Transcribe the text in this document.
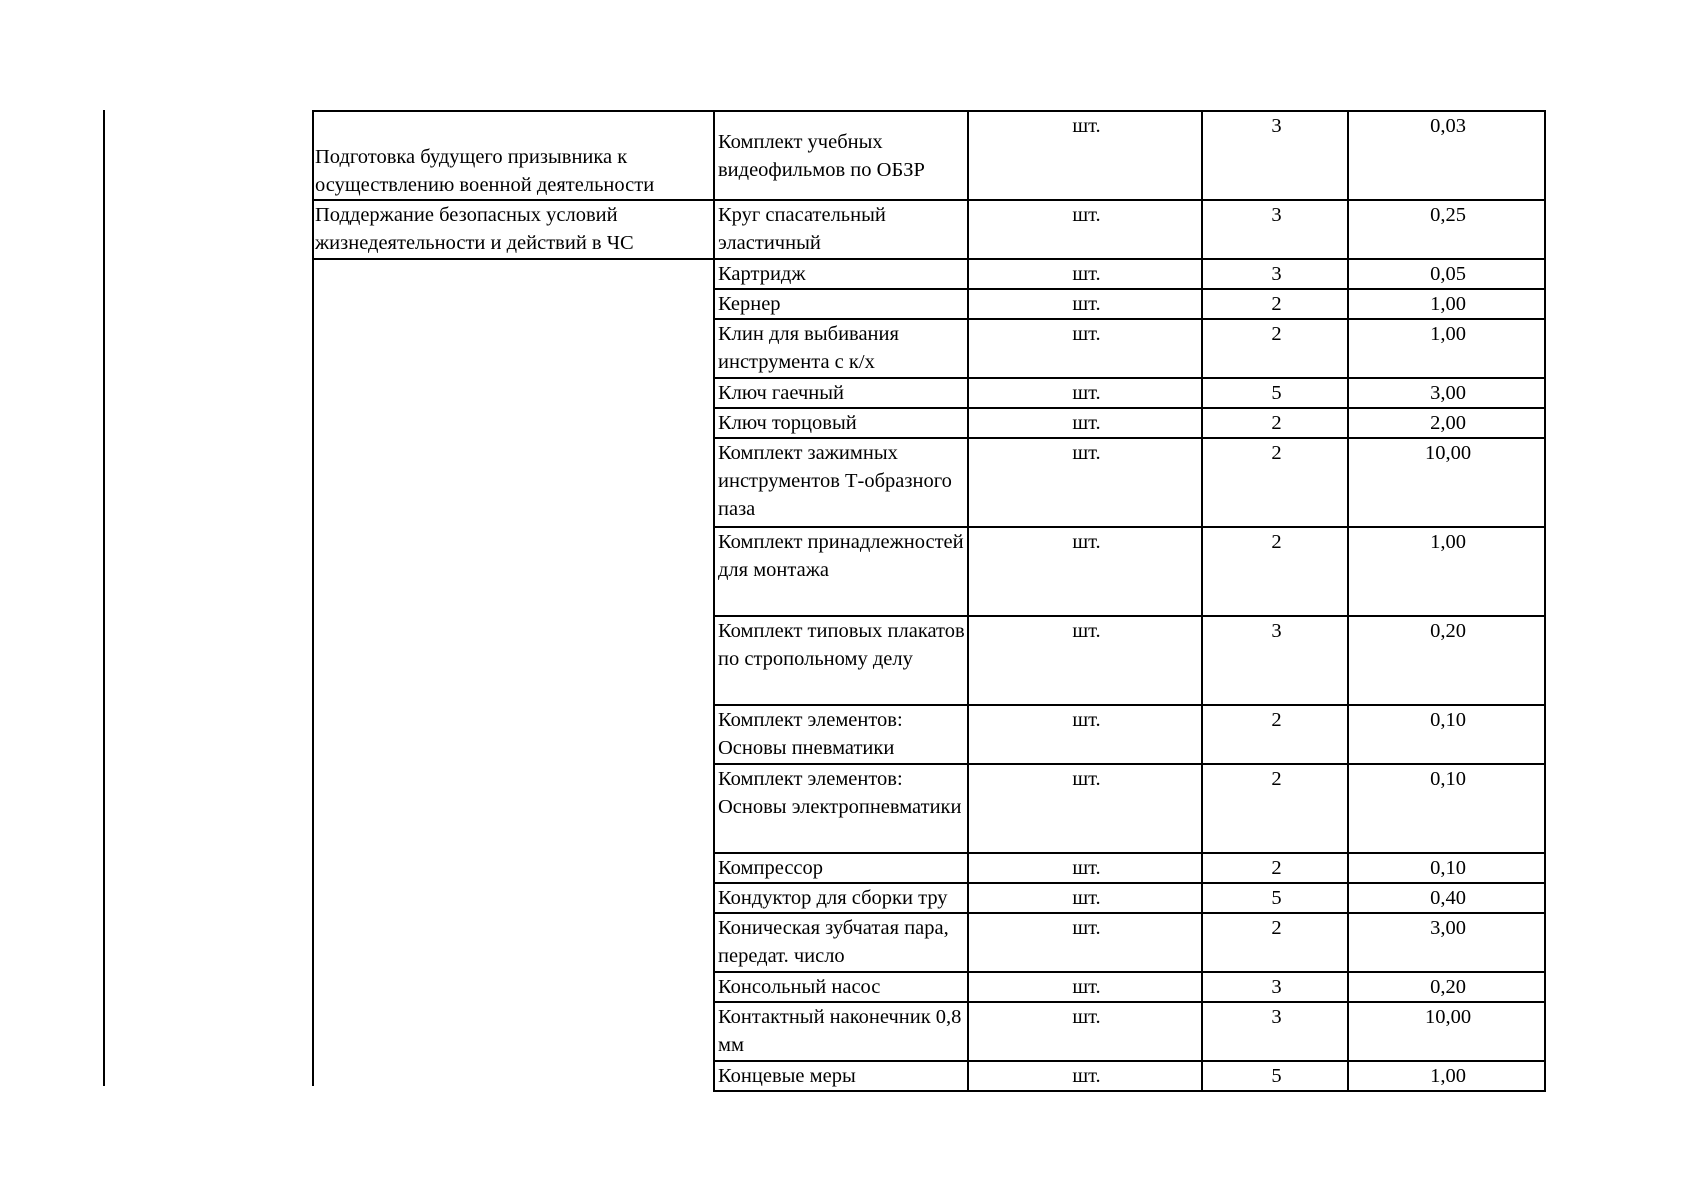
Подготовка будущего призывника к осуществлению военной деятельности	Комплект учебных видеофильмов по ОБЗР	шт.	3	0,03
Поддержание безопасных условий жизнедеятельности и действий в ЧС	Круг спасательный эластичный	шт.	3	0,25
	Картридж	шт.	3	0,05
	Кернер	шт.	2	1,00
	Клин для выбивания инструмента с к/х	шт.	2	1,00
	Ключ гаечный	шт.	5	3,00
	Ключ торцовый	шт.	2	2,00
	Комплект зажимных инструментов Т-образного паза	шт.	2	10,00
	Комплект принадлежностей для монтажа	шт.	2	1,00
	Комплект типовых плакатов по стропольному делу	шт.	3	0,20
	Комплект элементов: Основы пневматики	шт.	2	0,10
	Комплект элементов: Основы электропневматики	шт.	2	0,10
	Компрессор	шт.	2	0,10
	Кондуктор для сборки тру	шт.	5	0,40
	Коническая зубчатая пара, передат. число	шт.	2	3,00
	Консольный насос	шт.	3	0,20
	Контактный наконечник 0,8 мм	шт.	3	10,00
	Концевые меры	шт.	5	1,00
